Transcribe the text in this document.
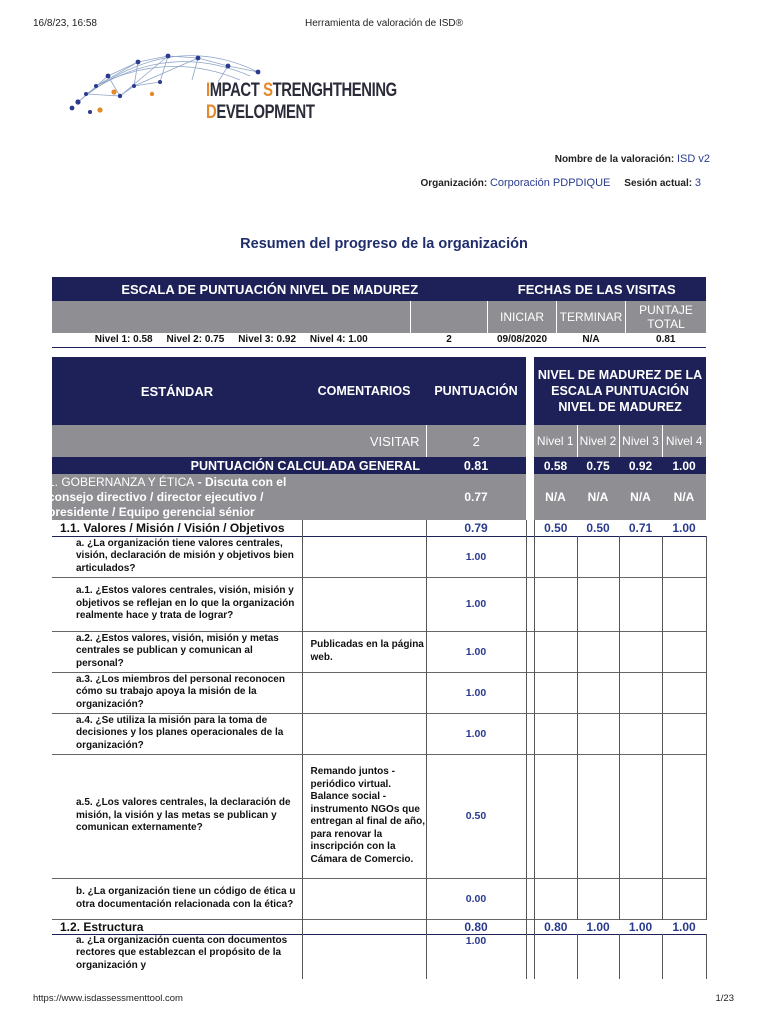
16/8/23, 16:58	Herramienta de valoración de ISD®
IMPACT STRENGHTHENING
DEVELOPMENT
Nombre de la valoración: ISD v2
Organización: Corporación PDPDIQUE Sesión actual: 3
Resumen del progreso de la organización
ESCALA DE PUNTUACIÓN NIVEL DE MADUREZ		FECHAS DE LAS VISITAS		
		INICIAR	TERMINAR	PUNTAJE TOTAL
Nivel 1: 0.58     Nivel 2: 0.75     Nivel 3: 0.92     Nivel 4: 1.00	2	09/08/2020	N/A	0.81
ESTÁNDAR	COMENTARIOS	PUNTUACIÓN		NIVEL DE MADUREZ DE LA ESCALA PUNTUACIÓN NIVEL DE MADUREZ			
VISITAR		2		Nivel 1	Nivel 2	Nivel 3	Nivel 4
PUNTUACIÓN CALCULADA GENERAL		0.81		0.58	0.75	0.92	1.00

1. GOBERNANZA Y ÉTICA - Discuta con el consejo directivo / director ejecutivo / presidente / Equipo gerencial sénior		0.77		N/A	N/A	N/A	N/A
1.1. Valores / Misión / Visión / Objetivos		0.79		0.50	0.50	0.71	1.00
a. ¿La organización tiene valores centrales, visión, declaración de misión y objetivos bien articulados?		1.00					
a.1. ¿Estos valores centrales, visión, misión y objetivos se reflejan en lo que la organización realmente hace y trata de lograr?		1.00					
a.2. ¿Estos valores, visión, misión y metas centrales se publican y comunican al personal?	Publicadas en la página web.	1.00					
a.3. ¿Los miembros del personal reconocen cómo su trabajo apoya la misión de la organización?		1.00					
a.4. ¿Se utiliza la misión para la toma de decisiones y los planes operacionales de la organización?		1.00					
a.5. ¿Los valores centrales, la declaración de misión, la visión y las metas se publican y comunican externamente?	Remando juntos - periódico virtual. Balance social - instrumento NGOs que entregan al final de año, para renovar la inscripción con la Cámara de Comercio.	0.50					
b. ¿La organización tiene un código de ética u otra documentación relacionada con la ética?		0.00					
1.2. Estructura		0.80		0.80	1.00	1.00	1.00
a. ¿La organización cuenta con documentos rectores que establezcan el propósito de la organización y		1.00					
https://www.isdassessmenttool.com	1/23
